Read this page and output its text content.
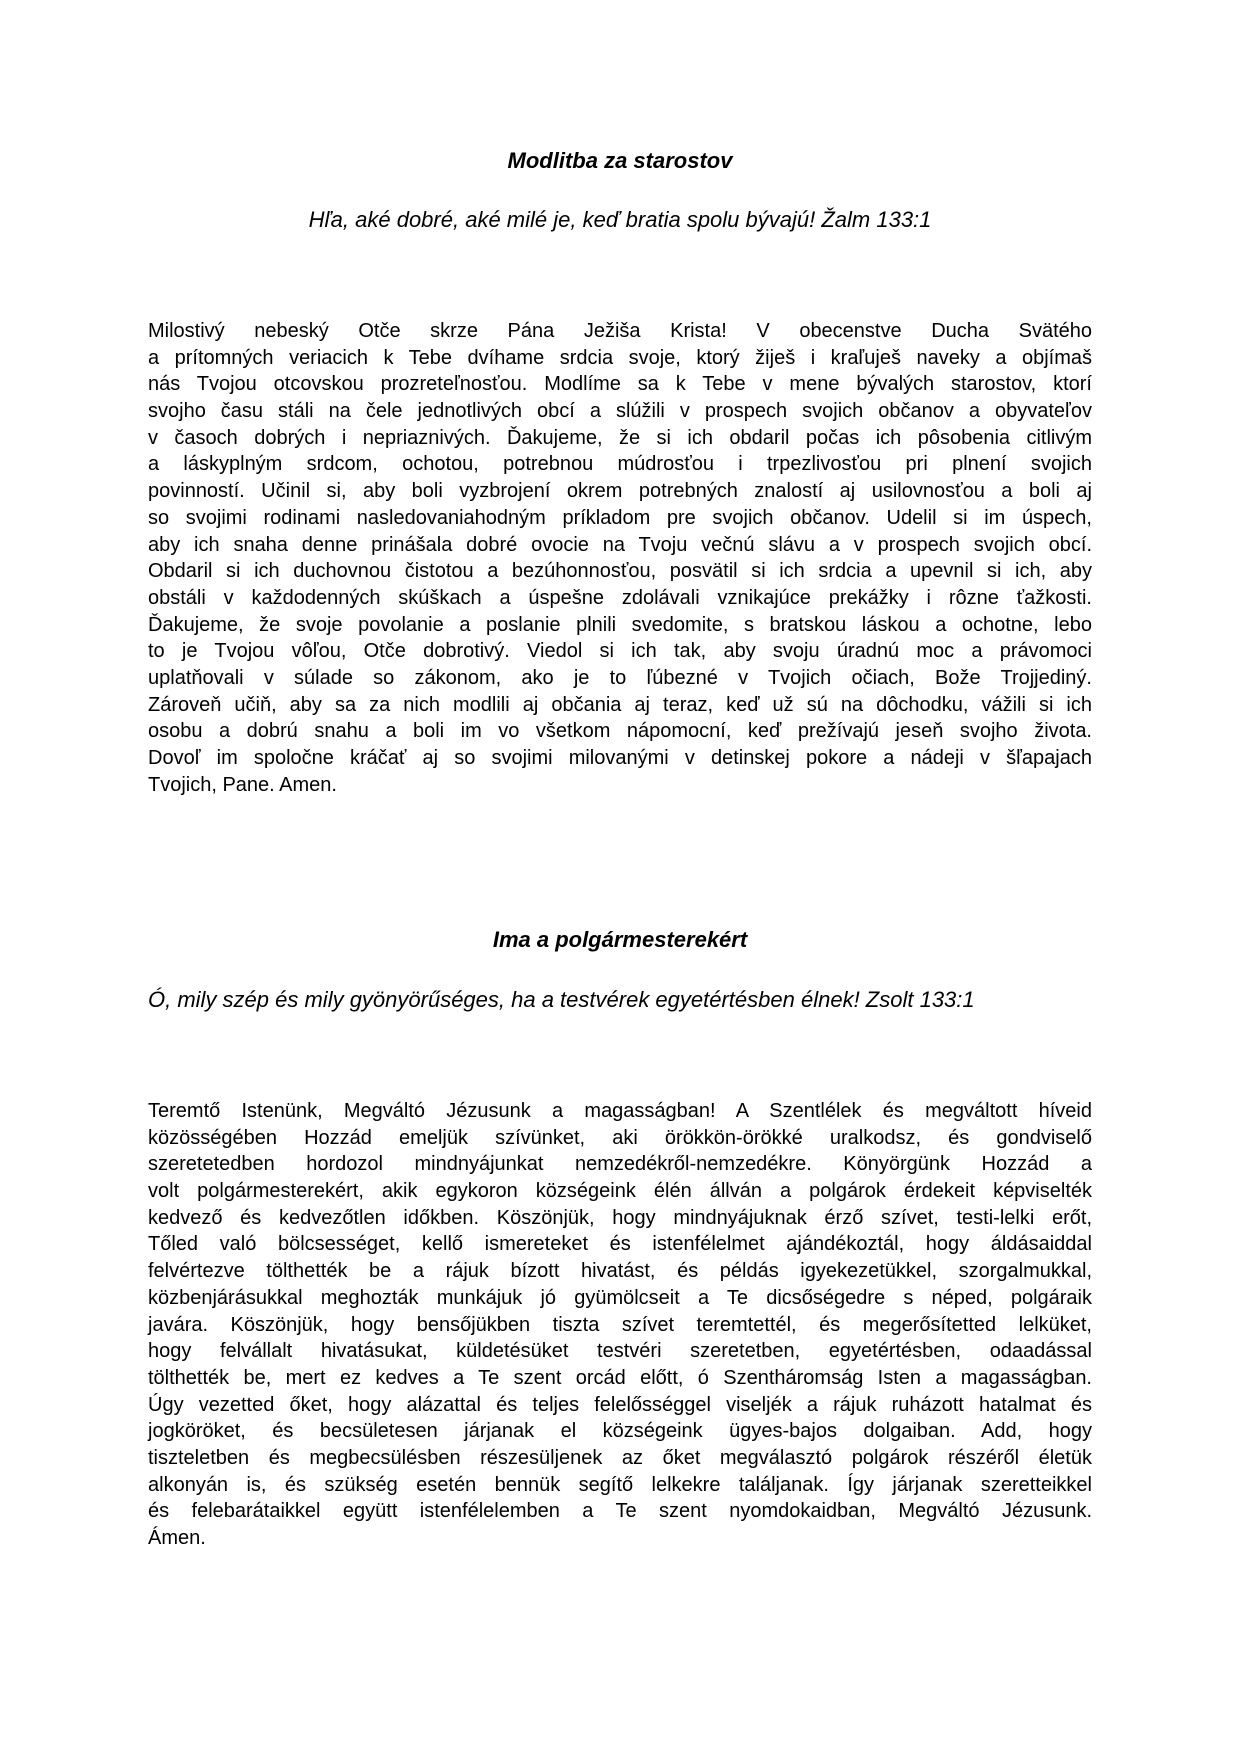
Modlitba za starostov

Hľa, aké dobré, aké milé je, keď bratia spolu bývajú! Žalm 133:1

Milostivý nebeský Otče skrze Pána Ježiša Krista! V obecenstve Ducha Svätého
a prítomných veriacich k Tebe dvíhame srdcia svoje, ktorý žiješ i kraľuješ naveky a objímaš
nás Tvojou otcovskou prozreteľnosťou. Modlíme sa k Tebe v mene bývalých starostov, ktorí
svojho času stáli na čele jednotlivých obcí a slúžili v prospech svojich občanov a obyvateľov
v časoch dobrých i nepriaznivých. Ďakujeme, že si ich obdaril počas ich pôsobenia citlivým
a láskyplným srdcom, ochotou, potrebnou múdrosťou i trpezlivosťou pri plnení svojich
povinností. Učinil si, aby boli vyzbrojení okrem potrebných znalostí aj usilovnosťou a boli aj
so svojimi rodinami nasledovaniahodným príkladom pre svojich občanov. Udelil si im úspech,
aby ich snaha denne prinášala dobré ovocie na Tvoju večnú slávu a v prospech svojich obcí.
Obdaril si ich duchovnou čistotou a bezúhonnosťou, posvätil si ich srdcia a upevnil si ich, aby
obstáli v každodenných skúškach a úspešne zdolávali vznikajúce prekážky i rôzne ťažkosti.
Ďakujeme, že svoje povolanie a poslanie plnili svedomite, s bratskou láskou a ochotne, lebo
to je Tvojou vôľou, Otče dobrotivý. Viedol si ich tak, aby svoju úradnú moc a právomoci
uplatňovali v súlade so zákonom, ako je to ľúbezné v Tvojich očiach, Bože Trojjediný.
Zároveň učiň, aby sa za nich modlili aj občania aj teraz, keď už sú na dôchodku, vážili si ich
osobu a dobrú snahu a boli im vo všetkom nápomocní, keď prežívajú jeseň svojho života.
Dovoľ im spoločne kráčať aj so svojimi milovanými v detinskej pokore a nádeji v šľapajach
Tvojich, Pane. Amen.
Ima a polgármesterekért

Ó, mily szép és mily gyönyörűséges, ha a testvérek egyetértésben élnek! Zsolt 133:1

Teremtő Istenünk, Megváltó Jézusunk a magasságban! A Szentlélek és megváltott híveid
közösségében Hozzád emeljük szívünket, aki örökkön-örökké uralkodsz, és gondviselő
szeretetedben hordozol mindnyájunkat nemzedékről-nemzedékre. Könyörgünk Hozzád a
volt polgármesterekért, akik egykoron községeink élén állván a polgárok érdekeit képviselték
kedvező és kedvezőtlen időkben. Köszönjük, hogy mindnyájuknak érző szívet, testi-lelki erőt,
Tőled való bölcsességet, kellő ismereteket és istenfélelmet ajándékoztál, hogy áldásaiddal
felvértezve tölthették be a rájuk bízott hivatást, és példás igyekezetükkel, szorgalmukkal,
közbenjárásukkal meghozták munkájuk jó gyümölcseit a Te dicsőségedre s néped, polgáraik
javára. Köszönjük, hogy bensőjükben tiszta szívet teremtettél, és megerősítetted lelküket,
hogy felvállalt hivatásukat, küldetésüket testvéri szeretetben, egyetértésben, odaadással
tölthették be, mert ez kedves a Te szent orcád előtt, ó Szentháromság Isten a magasságban.
Úgy vezetted őket, hogy alázattal és teljes felelősséggel viseljék a rájuk ruházott hatalmat és
jogköröket, és becsületesen járjanak el községeink ügyes-bajos dolgaiban. Add, hogy
tiszteletben és megbecsülésben részesüljenek az őket megválasztó polgárok részéről életük
alkonyán is, és szükség esetén bennük segítő lelkekre találjanak. Így járjanak szeretteikkel
és felebarátaikkel együtt istenfélelemben a Te szent nyomdokaidban, Megváltó Jézusunk.
Ámen.
